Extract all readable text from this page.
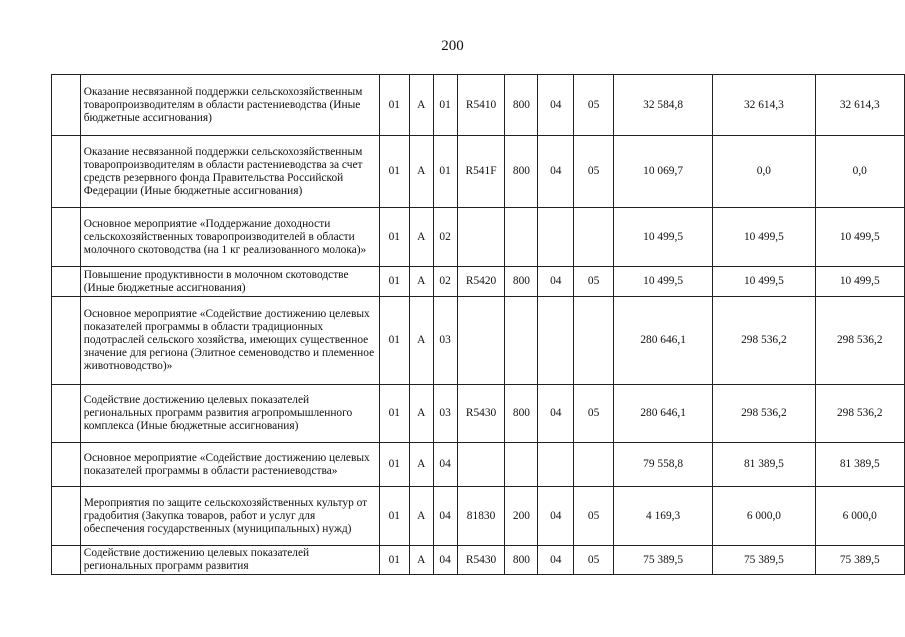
200
	Оказание несвязанной поддержки сельскохозяйственным товаропроизводителям в области растениеводства (Иные бюджетные ассигнования)	01	А	01	R5410	800	04	05	32 584,8	32 614,3	32 614,3
	Оказание несвязанной поддержки сельскохозяйственным товаропроизводителям в области растениеводства за счет средств резервного фонда Правительства Российской Федерации (Иные бюджетные ассигнования)	01	А	01	R541F	800	04	05	10 069,7	0,0	0,0
	Основное мероприятие «Поддержание доходности сельскохозяйственных товаропроизводителей в области молочного скотоводства (на 1 кг реализованного молока)»	01	А	02					10 499,5	10 499,5	10 499,5
	Повышение продуктивности в молочном скотоводстве (Иные бюджетные ассигнования)	01	А	02	R5420	800	04	05	10 499,5	10 499,5	10 499,5
	Основное мероприятие «Содействие достижению целевых показателей программы в области традиционных подотраслей сельского хозяйства, имеющих существенное значение для региона (Элитное семеноводство и племенное животноводство)»	01	А	03					280 646,1	298 536,2	298 536,2
	Содействие достижению целевых показателей региональных программ развития агропромышленного комплекса (Иные бюджетные ассигнования)	01	А	03	R5430	800	04	05	280 646,1	298 536,2	298 536,2
	Основное мероприятие «Содействие достижению целевых показателей программы в области растениеводства»	01	А	04					79 558,8	81 389,5	81 389,5
	Мероприятия по защите сельскохозяйственных культур от градобития (Закупка товаров, работ и услуг для обеспечения государственных (муниципальных) нужд)	01	А	04	81830	200	04	05	4 169,3	6 000,0	6 000,0
	Содействие достижению целевых показателей региональных программ развития	01	А	04	R5430	800	04	05	75 389,5	75 389,5	75 389,5
